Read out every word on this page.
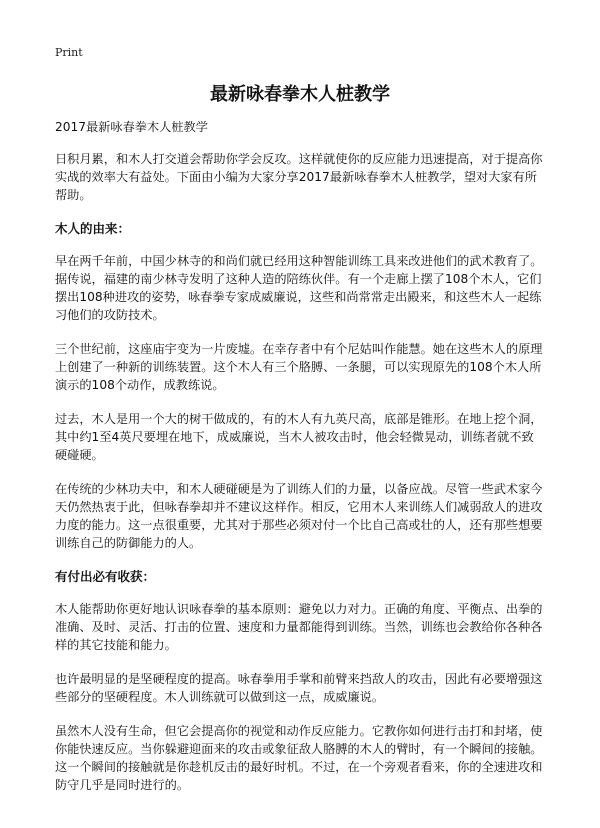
Print
最新咏春拳木人桩教学

2017最新咏春拳木人桩教学

日积月累，和木人打交道会帮助你学会反攻。这样就使你的反应能力迅速提高，对于提高你实战的效率大有益处。下面由小编为大家分享2017最新咏春拳木人桩教学，望对大家有所帮助。

木人的由来：

早在两千年前，中国少林寺的和尚们就已经用这种智能训练工具来改进他们的武术教育了。据传说，福建的南少林寺发明了这种人造的陪练伙伴。有一个走廊上摆了108个木人，它们摆出108种进攻的姿势，咏春拳专家成威廉说，这些和尚常常走出殿来，和这些木人一起练习他们的攻防技术。

三个世纪前，这座庙宇变为一片废墟。在幸存者中有个尼姑叫作能慧。她在这些木人的原理上创建了一种新的训练装置。这个木人有三个胳膊、一条腿，可以实现原先的108个木人所演示的108个动作，成教练说。

过去，木人是用一个大的树干做成的，有的木人有九英尺高，底部是锥形。在地上挖个洞，其中约1至4英尺要埋在地下，成威廉说，当木人被攻击时，他会轻微晃动，训练者就不致硬碰硬。

在传统的少林功夫中，和木人硬碰硬是为了训练人们的力量，以备应战。尽管一些武术家今天仍然热衷于此，但咏春拳却并不建议这样作。相反，它用木人来训练人们减弱敌人的进攻力度的能力。这一点很重要，尤其对于那些必须对付一个比自己高或壮的人，还有那些想要训练自己的防御能力的人。

有付出必有收获：

木人能帮助你更好地认识咏春拳的基本原则：避免以力对力。正确的角度、平衡点、出拳的准确、及时、灵活、打击的位置、速度和力量都能得到训练。当然，训练也会教给你各种各样的其它技能和能力。

也许最明显的是坚硬程度的提高。咏春拳用手掌和前臂来挡敌人的攻击，因此有必要增强这些部分的坚硬程度。木人训练就可以做到这一点，成威廉说。

虽然木人没有生命，但它会提高你的视觉和动作反应能力。它教你如何进行击打和封堵，使你能快速反应。当你躲避迎面来的攻击或象征敌人胳膊的木人的臂时，有一个瞬间的接触。这一个瞬间的接触就是你趁机反击的最好时机。不过，在一个旁观者看来，你的全速进攻和防守几乎是同时进行的。
